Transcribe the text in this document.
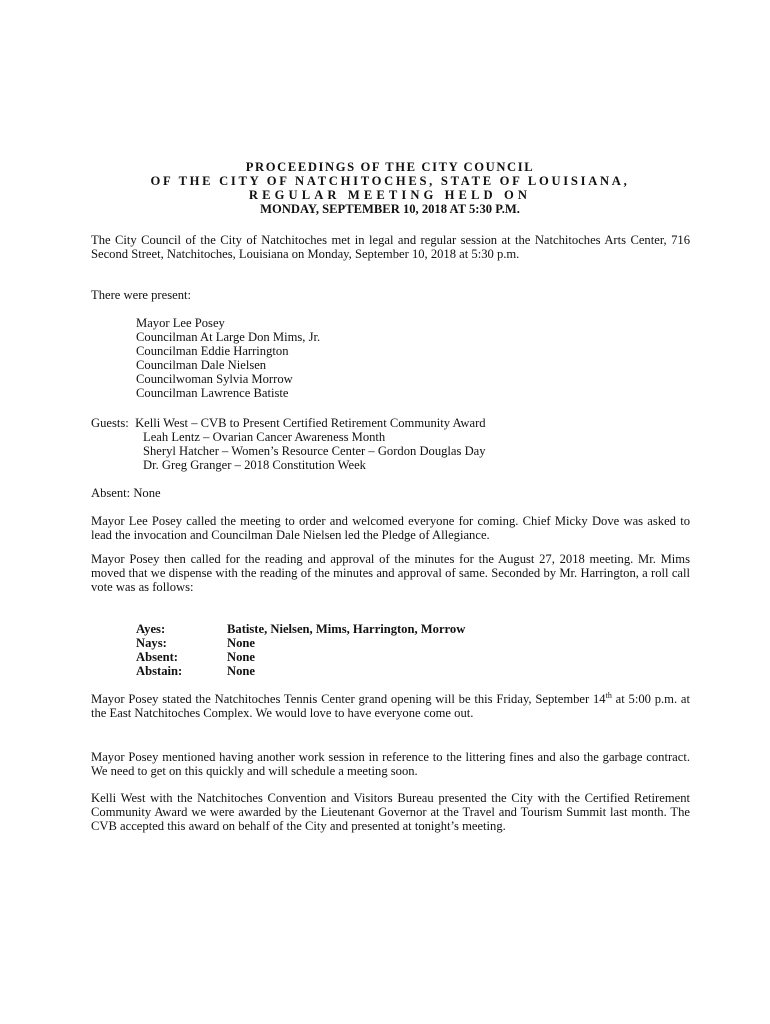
PROCEEDINGS OF THE CITY COUNCIL
OF THE CITY OF NATCHITOCHES, STATE OF LOUISIANA,
REGULAR MEETING HELD ON
MONDAY, SEPTEMBER 10, 2018 AT 5:30 P.M.
The City Council of the City of Natchitoches met in legal and regular session at the Natchitoches Arts Center, 716 Second Street, Natchitoches, Louisiana on Monday, September 10, 2018 at 5:30 p.m.
There were present:
Mayor Lee Posey
Councilman At Large Don Mims, Jr.
Councilman Eddie Harrington
Councilman Dale Nielsen
Councilwoman Sylvia Morrow
Councilman Lawrence Batiste
Guests: Kelli West – CVB to Present Certified Retirement Community Award
Leah Lentz – Ovarian Cancer Awareness Month
Sheryl Hatcher – Women’s Resource Center – Gordon Douglas Day
Dr. Greg Granger – 2018 Constitution Week
Absent: None
Mayor Lee Posey called the meeting to order and welcomed everyone for coming. Chief Micky Dove was asked to lead the invocation and Councilman Dale Nielsen led the Pledge of Allegiance.
Mayor Posey then called for the reading and approval of the minutes for the August 27, 2018 meeting. Mr. Mims moved that we dispense with the reading of the minutes and approval of same. Seconded by Mr. Harrington, a roll call vote was as follows:
Ayes:	Batiste, Nielsen, Mims, Harrington, Morrow
Nays:	None
Absent:	None
Abstain:	None
Mayor Posey stated the Natchitoches Tennis Center grand opening will be this Friday, September 14th at 5:00 p.m. at the East Natchitoches Complex. We would love to have everyone come out.
Mayor Posey mentioned having another work session in reference to the littering fines and also the garbage contract. We need to get on this quickly and will schedule a meeting soon.
Kelli West with the Natchitoches Convention and Visitors Bureau presented the City with the Certified Retirement Community Award we were awarded by the Lieutenant Governor at the Travel and Tourism Summit last month. The CVB accepted this award on behalf of the City and presented at tonight’s meeting.
